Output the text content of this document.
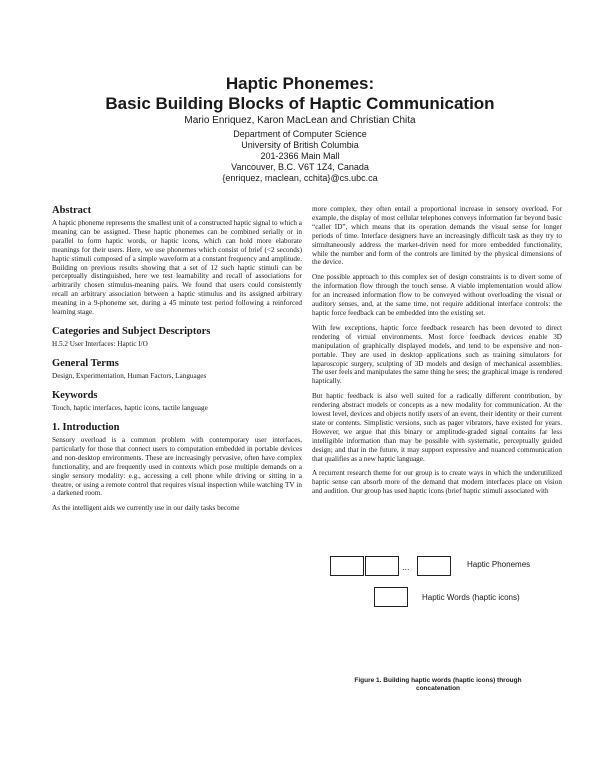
Haptic Phonemes:
Basic Building Blocks of Haptic Communication
Mario Enriquez, Karon MacLean and Christian Chita
Department of Computer Science
University of British Columbia
201-2366 Main Mall
Vancouver, B.C. V6T 1Z4, Canada
{enriquez, maclean, cchita}@cs.ubc.ca
Abstract

A haptic phoneme represents the smallest unit of a constructed haptic signal to which a meaning can be assigned. These haptic phonemes can be combined serially or in parallel to form haptic words, or haptic icons, which can hold more elaborate meanings for their users. Here, we use phonemes which consist of brief (<2 seconds) haptic stimuli composed of a simple waveform at a constant frequency and amplitude. Building on previous results showing that a set of 12 such haptic stimuli can be perceptually distinguished, here we test learnability and recall of associations for arbitrarily chosen stimulus-meaning pairs. We found that users could consistently recall an arbitrary association between a haptic stimulus and its assigned arbitrary meaning in a 9-phoneme set, during a 45 minute test period following a reinforced learning stage.

Categories and Subject Descriptors

H.5.2 User Interfaces: Haptic I/O

General Terms

Design, Experimentation, Human Factors, Languages

Keywords

Touch, haptic interfaces, haptic icons, tactile language

1. Introduction

Sensory overload is a common problem with contemporary user interfaces, particularly for those that connect users to computation embedded in portable devices and non-desktop environments. These are increasingly pervasive, often have complex functionality, and are frequently used in contexts which pose multiple demands on a single sensory modality: e.g., accessing a cell phone while driving or sitting in a theatre, or using a remote control that requires visual inspection while watching TV in a darkened room.

As the intelligent aids we currently use in our daily tasks become

more complex, they often entail a proportional increase in sensory overload. For example, the display of most cellular telephones conveys information far beyond basic “caller ID”, which means that its operation demands the visual sense for longer periods of time. Interface designers have an increasingly difficult task as they try to simultaneously address the market-driven need for more embedded functionality, while the number and form of the controls are limited by the physical dimensions of the device.

One possible approach to this complex set of design constraints is to divert some of the information flow through the touch sense. A viable implementation would allow for an increased information flow to be conveyed without overloading the visual or auditory senses, and, at the same time, not require additional interface controls: the haptic force feedback can be embedded into the existing set.

With few exceptions, haptic force feedback research has been devoted to direct rendering of virtual environments. Most force feedback devices enable 3D manipulation of graphically displayed models, and tend to be expensive and non-portable. They are used in desktop applications such as training simulators for laparoscopic surgery, sculpting of 3D models and design of mechanical assemblies. The user feels and manipulates the same thing he sees; the graphical image is rendered haptically.

But haptic feedback is also well suited for a radically different contribution, by rendering abstract models or concepts as a new modality for communication. At the lowest level, devices and objects notify users of an event, their identity or their current state or contents. Simplistic versions, such as pager vibrators, have existed for years. However, we argue that this binary or amplitude-graded signal contains far less intelligible information than may be possible with systematic, perceptually guided design; and that in the future, it may support expressive and nuanced communication that qualifies as a new haptic language.

A recurrent research theme for our group is to create ways in which the underutilized haptic sense can absorb more of the demand that modern interfaces place on vision and audition. Our group has used haptic icons (brief haptic stimuli associated with

...	Haptic Phonemes
Haptic Words (haptic icons)
Figure 1. Building haptic words (haptic icons) through
concatenation
